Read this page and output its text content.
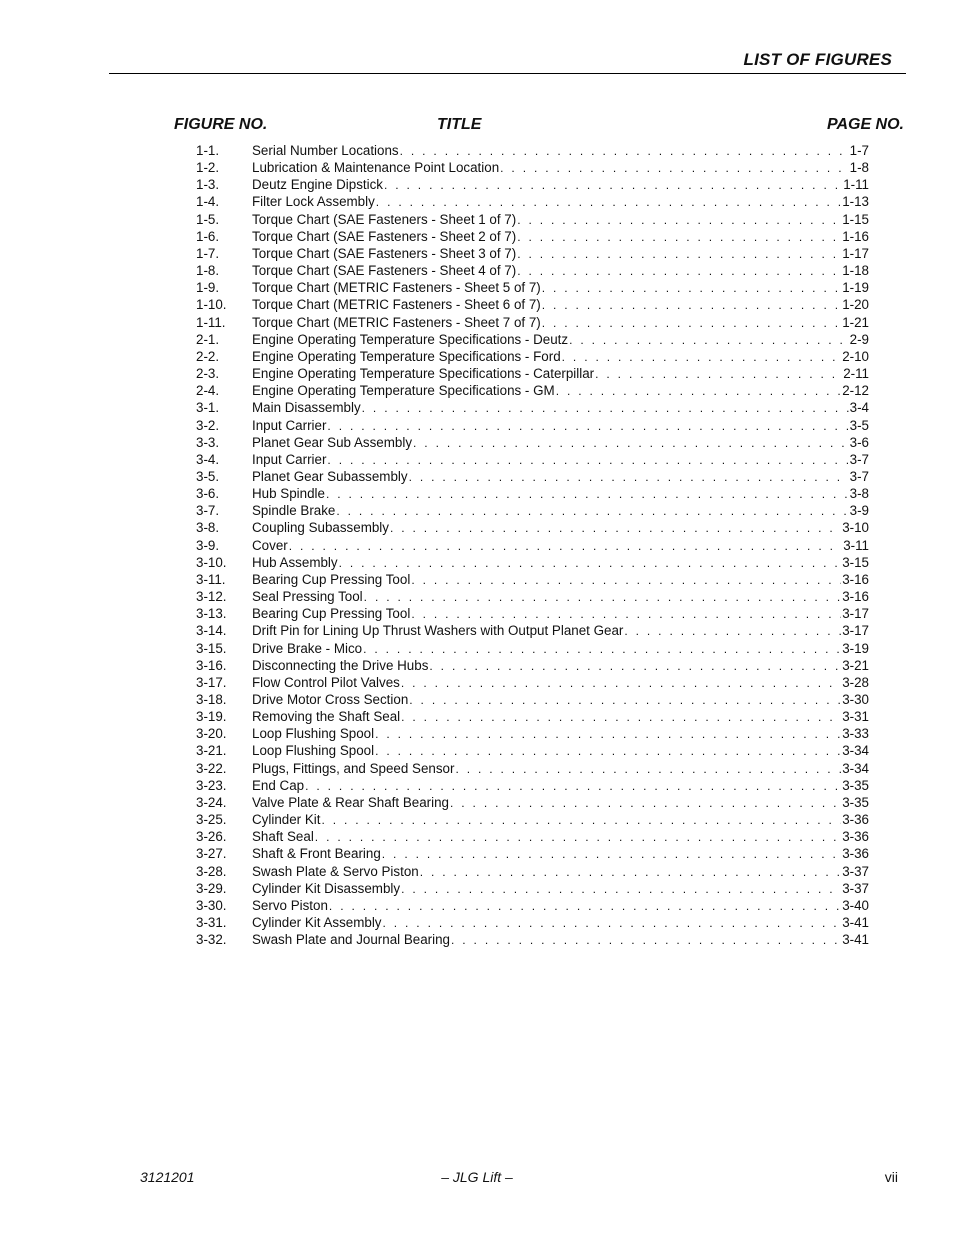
LIST OF FIGURES
FIGURE NO.	TITLE	PAGE NO.
1-1.	Serial Number Locations . . .	1-7
1-2.	Lubrication & Maintenance Point Location . . .	1-8
1-3.	Deutz Engine Dipstick . . .	1-11
1-4.	Filter Lock Assembly . . .	1-13
1-5.	Torque Chart (SAE Fasteners - Sheet 1 of 7) . . .	1-15
1-6.	Torque Chart (SAE Fasteners - Sheet 2 of 7) . . .	1-16
1-7.	Torque Chart (SAE Fasteners - Sheet 3 of 7) . . .	1-17
1-8.	Torque Chart (SAE Fasteners - Sheet 4 of 7) . . .	1-18
1-9.	Torque Chart (METRIC Fasteners - Sheet 5 of 7) . . .	1-19
1-10.	Torque Chart (METRIC Fasteners - Sheet 6 of 7) . . .	1-20
1-11.	Torque Chart (METRIC Fasteners - Sheet 7 of 7) . . .	1-21
2-1.	Engine Operating Temperature Specifications - Deutz . . .	2-9
2-2.	Engine Operating Temperature Specifications - Ford . . .	2-10
2-3.	Engine Operating Temperature Specifications - Caterpillar . . .	2-11
2-4.	Engine Operating Temperature Specifications - GM . . .	2-12
3-1.	Main Disassembly . . .	3-4
3-2.	Input Carrier . . .	3-5
3-3.	Planet Gear Sub Assembly . . .	3-6
3-4.	Input Carrier . . .	3-7
3-5.	Planet Gear Subassembly . . .	3-7
3-6.	Hub Spindle . . .	3-8
3-7.	Spindle Brake . . .	3-9
3-8.	Coupling Subassembly . . .	3-10
3-9.	Cover . . .	3-11
3-10.	Hub Assembly . . .	3-15
3-11.	Bearing Cup Pressing Tool . . .	3-16
3-12.	Seal Pressing Tool . . .	3-16
3-13.	Bearing Cup Pressing Tool . . .	3-17
3-14.	Drift Pin for Lining Up Thrust Washers with Output Planet Gear . . .	3-17
3-15.	Drive Brake - Mico . . .	3-19
3-16.	Disconnecting the Drive Hubs . . .	3-21
3-17.	Flow Control Pilot Valves . . .	3-28
3-18.	Drive Motor Cross Section . . .	3-30
3-19.	Removing the Shaft Seal . . .	3-31
3-20.	Loop Flushing Spool . . .	3-33
3-21.	Loop Flushing Spool . . .	3-34
3-22.	Plugs, Fittings, and Speed Sensor . . .	3-34
3-23.	End Cap . . .	3-35
3-24.	Valve Plate & Rear Shaft Bearing . . .	3-35
3-25.	Cylinder Kit . . .	3-36
3-26.	Shaft Seal . . .	3-36
3-27.	Shaft & Front Bearing . . .	3-36
3-28.	Swash Plate & Servo Piston . . .	3-37
3-29.	Cylinder Kit Disassembly . . .	3-37
3-30.	Servo Piston . . .	3-40
3-31.	Cylinder Kit Assembly . . .	3-41
3-32.	Swash Plate and Journal Bearing . . .	3-41
3121201	– JLG Lift –	vii
